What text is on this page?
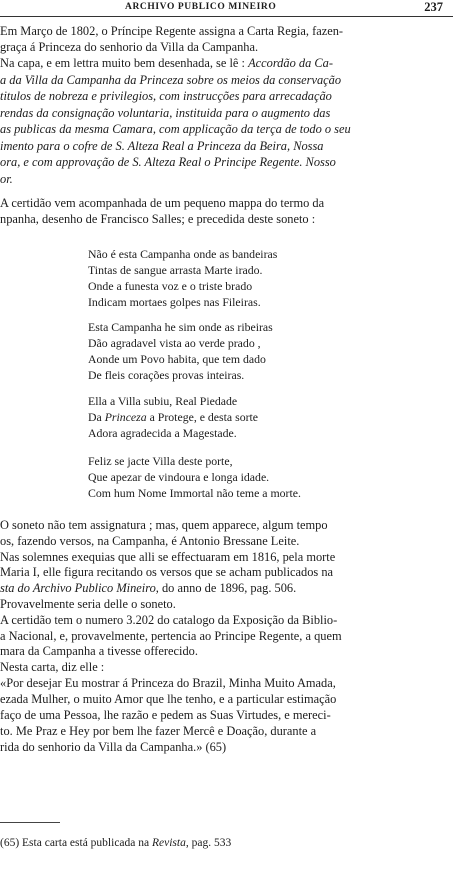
ARCHIVO PUBLICO MINEIRO	237
Em Março de 1802, o Príncipe Regente assigna a Carta Regia, fazen-
graça á Princeza do senhorio da Villa da Campanha.
Na capa, e em lettra muito bem desenhada, se lê : Accordão da Ca-
a da Villa da Campanha da Princeza sobre os meios da conservação
titulos de nobreza e privilegios, com instrucções para arrecadação
rendas da consignação voluntaria, instituida para o augmento das
as publicas da mesma Camara, com applicação da terça de todo o seu
imento para o cofre de S. Alteza Real a Princeza da Beira, Nossa
ora, e com approvação de S. Alteza Real o Principe Regente. Nosso
or.
A certidão vem acompanhada de um pequeno mappa do termo da
npanha, desenho de Francisco Salles; e precedida deste soneto :
Não é esta Campanha onde as bandeiras
Tintas de sangue arrasta Marte irado.
Onde a funesta voz e o triste brado
Indicam mortaes golpes nas Fileiras.
Esta Campanha he sim onde as ribeiras
Dão agradavel vista ao verde prado ,
Aonde um Povo habita, que tem dado
De fleis corações provas inteiras.
Ella a Villa subiu, Real Piedade
Da Princeza a Protege, e desta sorte
Adora agradecida a Magestade.
Feliz se jacte Villa deste porte,
Que apezar de vindoura e longa idade.
Com hum Nome Immortal não teme a morte.
O soneto não tem assignatura ; mas, quem apparece, algum tempo
os, fazendo versos, na Campanha, é Antonio Bressane Leite.
Nas solemnes exequias que alli se effectuaram em 1816, pela morte
Maria I, elle figura recitando os versos que se acham publicados na
sta do Archivo Publico Mineiro, do anno de 1896, pag. 506.
Provavelmente seria delle o soneto.
A certidão tem o numero 3.202 do catalogo da Exposição da Biblio-
a Nacional, e, provavelmente, pertencia ao Principe Regente, a quem
mara da Campanha a tivesse offerecido.
Nesta carta, diz elle :
«Por desejar Eu mostrar á Princeza do Brazil, Minha Muito Amada,
ezada Mulher, o muito Amor que lhe tenho, e a particular estimação
faço de uma Pessoa, lhe razão e pedem as Suas Virtudes, e mereci-
to. Me Praz e Hey por bem lhe fazer Mercê e Doação, durante a
rida do senhorio da Villa da Campanha.» (65)
(65) Esta carta está publicada na Revista, pag. 533
